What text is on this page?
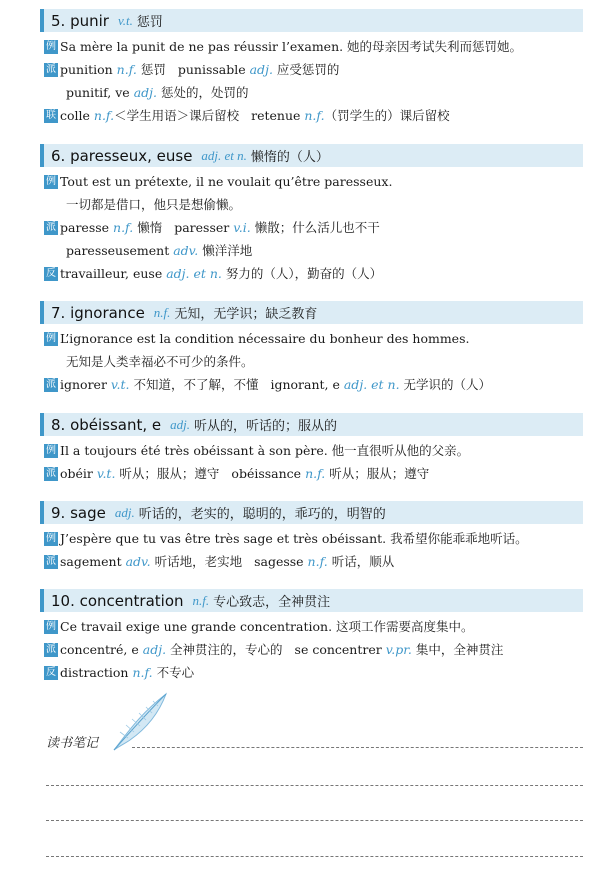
读书笔记
5. punir v.t. 惩罚
例 Sa mère la punit de ne pas réussir l’examen. 她的母亲因考试失利而惩罚她。
派 punition n.f. 惩罚 punissable adj. 应受惩罚的
punitif, ve adj. 惩处的，处罚的
联 colle n.f.＜学生用语＞课后留校 retenue n.f.（罚学生的）课后留校
6. paresseux, euse adj. et n. 懒惰的（人）
例 Tout est un prétexte, il ne voulait qu’être paresseux.
一切都是借口，他只是想偷懒。
派 paresse n.f. 懒惰 paresser v.i. 懒散；什么活儿也不干
paresseusement adv. 懒洋洋地
反 travailleur, euse adj. et n. 努力的（人），勤奋的（人）
7. ignorance n.f. 无知，无学识；缺乏教育
例 L’ignorance est la condition nécessaire du bonheur des hommes.
无知是人类幸福必不可少的条件。
派 ignorer v.t. 不知道，不了解，不懂 ignorant, e adj. et n. 无学识的（人）
8. obéissant, e adj. 听从的，听话的；服从的
例 Il a toujours été très obéissant à son père. 他一直很听从他的父亲。
派 obéir v.t. 听从；服从；遵守 obéissance n.f. 听从；服从；遵守
9. sage adj. 听话的，老实的，聪明的，乖巧的，明智的
例 J’espère que tu vas être très sage et très obéissant. 我希望你能乖乖地听话。
派 sagement adv. 听话地，老实地 sagesse n.f. 听话，顺从
10. concentration n.f. 专心致志，全神贯注
例 Ce travail exige une grande concentration. 这项工作需要高度集中。
派 concentré, e adj. 全神贯注的，专心的 se concentrer v.pr. 集中，全神贯注
反 distraction n.f. 不专心
